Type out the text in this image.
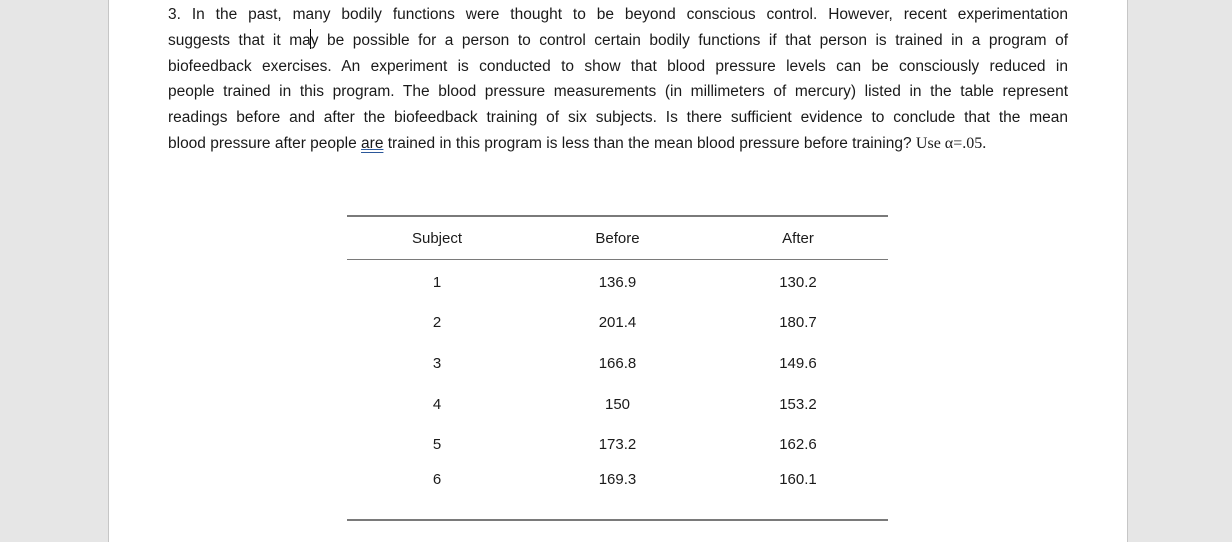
3. In the past, many bodily functions were thought to be beyond conscious control. However, recent experimentation
suggests that it may be possible for a person to control certain bodily functions if that person is trained in a program of
biofeedback exercises. An experiment is conducted to show that blood pressure levels can be consciously reduced in
people trained in this program. The blood pressure measurements (in millimeters of mercury) listed in the table represent
readings before and after the biofeedback training of six subjects. Is there sufficient evidence to conclude that the mean
blood pressure after people are trained in this program is less than the mean blood pressure before training? Use α=.05.

Subject	Before	After
1	136.9	130.2
2	201.4	180.7
3	166.8	149.6
4	150	153.2
5	173.2	162.6
6	169.3	160.1
